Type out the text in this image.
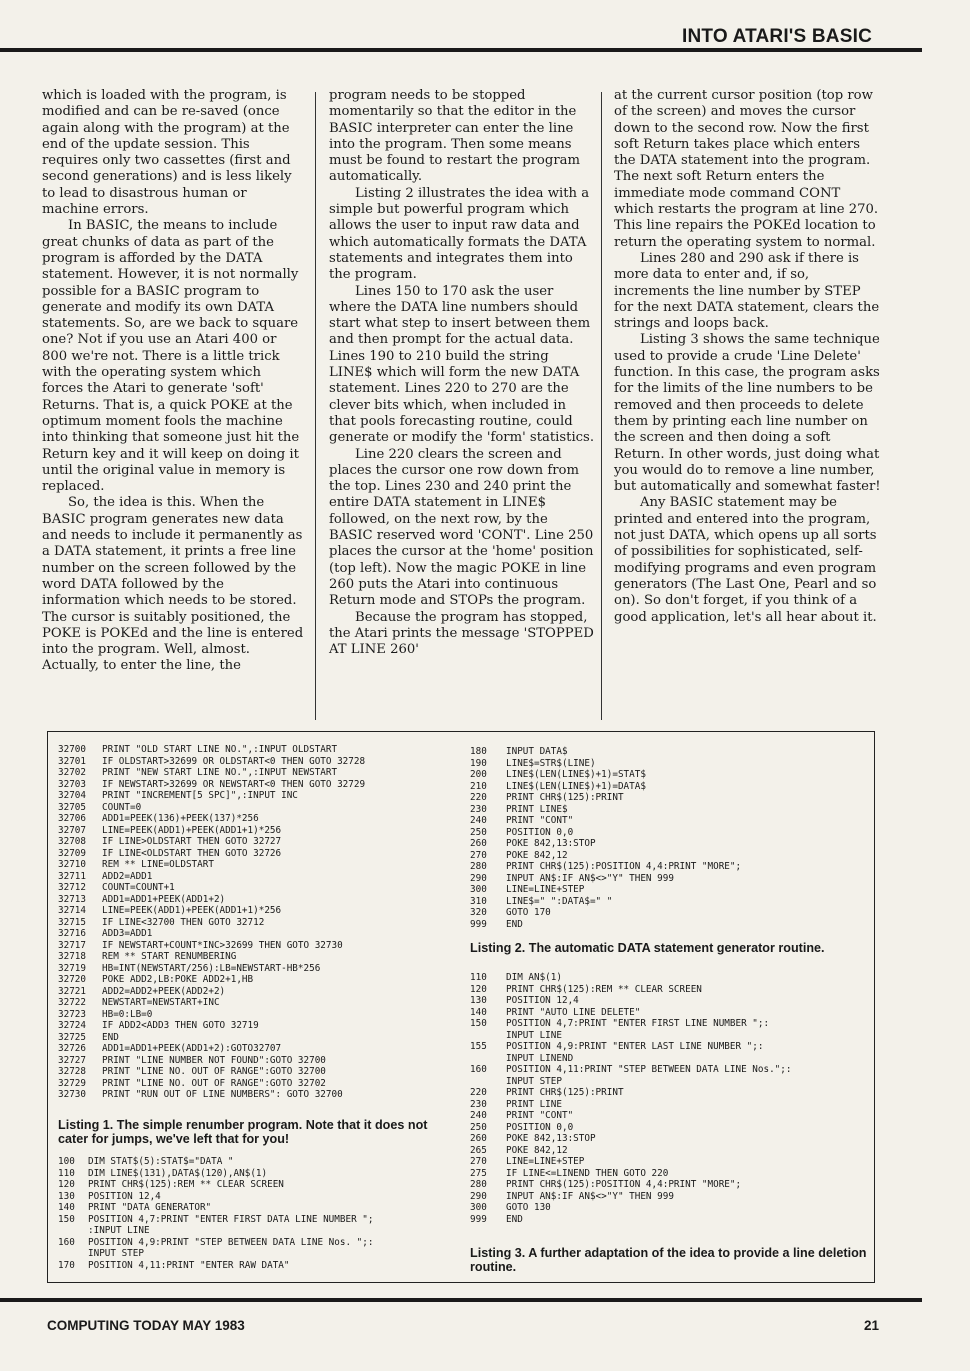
INTO ATARI'S BASIC

which is loaded with the program, is modified and can be re-saved (once again along with the program) at the end of the update session. This requires only two cassettes (first and second generations) and is less likely to lead to disastrous human or machine errors.

In BASIC, the means to include great chunks of data as part of the program is afforded by the DATA statement. However, it is not normally possible for a BASIC program to generate and modify its own DATA statements. So, are we back to square one? Not if you use an Atari 400 or 800 we're not. There is a little trick with the operating system which forces the Atari to generate 'soft' Returns. That is, a quick POKE at the optimum moment fools the machine into thinking that someone just hit the Return key and it will keep on doing it until the original value in memory is replaced.

So, the idea is this. When the BASIC program generates new data and needs to include it permanently as a DATA statement, it prints a free line number on the screen followed by the word DATA followed by the information which needs to be stored. The cursor is suitably positioned, the POKE is POKEd and the line is entered into the program. Well, almost. Actually, to enter the line, the

program needs to be stopped momentarily so that the editor in the BASIC interpreter can enter the line into the program. Then some means must be found to restart the program automatically.

Listing 2 illustrates the idea with a simple but powerful program which allows the user to input raw data and which automatically formats the DATA statements and integrates them into the program.

Lines 150 to 170 ask the user where the DATA line numbers should start what step to insert between them and then prompt for the actual data. Lines 190 to 210 build the string LINE$ which will form the new DATA statement. Lines 220 to 270 are the clever bits which, when included in that pools forecasting routine, could generate or modify the 'form' statistics.

Line 220 clears the screen and places the cursor one row down from the top. Lines 230 and 240 print the entire DATA statement in LINE$ followed, on the next row, by the BASIC reserved word 'CONT'. Line 250 places the cursor at the 'home' position (top left). Now the magic POKE in line 260 puts the Atari into continuous Return mode and STOPs the program.

Because the program has stopped, the Atari prints the message 'STOPPED AT LINE 260'

at the current cursor position (top row of the screen) and moves the cursor down to the second row. Now the first soft Return takes place which enters the DATA statement into the program. The next soft Return enters the immediate mode command CONT which restarts the program at line 270. This line repairs the POKEd location to return the operating system to normal.

Lines 280 and 290 ask if there is more data to enter and, if so, increments the line number by STEP for the next DATA statement, clears the strings and loops back.

Listing 3 shows the same technique used to provide a crude 'Line Delete' function. In this case, the program asks for the limits of the line numbers to be removed and then proceeds to delete them by printing each line number on the screen and then doing a soft Return. In other words, just doing what you would do to remove a line number, but automatically and somewhat faster!

Any BASIC statement may be printed and entered into the program, not just DATA, which opens up all sorts of possibilities for sophisticated, self-modifying programs and even program generators (The Last One, Pearl and so on). So don't forget, if you think of a good application, let's all hear about it.

32700 PRINT "OLD START LINE NO.",:INPUT OLDSTART
32701 IF OLDSTART>32699 OR OLDSTART<0 THEN GOTO 32728
32702 PRINT "NEW START LINE NO.",:INPUT NEWSTART
32703 IF NEWSTART>32699 OR NEWSTART<0 THEN GOTO 32729
32704 PRINT "INCREMENT[5 SPC]",:INPUT INC
32705 COUNT=0
32706 ADD1=PEEK(136)+PEEK(137)*256
32707 LINE=PEEK(ADD1)+PEEK(ADD1+1)*256
32708 IF LINE>OLDSTART THEN GOTO 32727
32709 IF LINE<OLDSTART THEN GOTO 32726
32710 REM ** LINE=OLDSTART
32711 ADD2=ADD1
32712 COUNT=COUNT+1
32713 ADD1=ADD1+PEEK(ADD1+2)
32714 LINE=PEEK(ADD1)+PEEK(ADD1+1)*256
32715 IF LINE<32700 THEN GOTO 32712
32716 ADD3=ADD1
32717 IF NEWSTART+COUNT*INC>32699 THEN GOTO 32730
32718 REM ** START RENUMBERING
32719 HB=INT(NEWSTART/256):LB=NEWSTART-HB*256
32720 POKE ADD2,LB:POKE ADD2+1,HB
32721 ADD2=ADD2+PEEK(ADD2+2)
32722 NEWSTART=NEWSTART+INC
32723 HB=0:LB=0
32724 IF ADD2<ADD3 THEN GOTO 32719
32725 END
32726 ADD1=ADD1+PEEK(ADD1+2):GOTO32707
32727 PRINT "LINE NUMBER NOT FOUND":GOTO 32700
32728 PRINT "LINE NO. OUT OF RANGE":GOTO 32700
32729 PRINT "LINE NO. OUT OF RANGE":GOTO 32702
32730 PRINT "RUN OUT OF LINE NUMBERS": GOTO 32700

Listing 1. The simple renumber program. Note that it does not cater for jumps, we've left that for you!

180 INPUT DATA$
190 LINE$=STR$(LINE)
200 LINE$(LEN(LINE$)+1)=STAT$
210 LINE$(LEN(LINE$)+1)=DATA$
220 PRINT CHR$(125):PRINT
230 PRINT LINE$
240 PRINT "CONT"
250 POSITION 0,0
260 POKE 842,13:STOP
270 POKE 842,12
280 PRINT CHR$(125):POSITION 4,4:PRINT "MORE";
290 INPUT AN$:IF AN$<>"Y" THEN 999
300 LINE=LINE+STEP
310 LINE$=" ":DATA$=" "
320 GOTO 170
999 END

Listing 2. The automatic DATA statement generator routine.

110 DIM AN$(1)
120 PRINT CHR$(125):REM ** CLEAR SCREEN
130 POSITION 12,4
140 PRINT "AUTO LINE DELETE"
150 POSITION 4,7:PRINT "ENTER FIRST LINE NUMBER ";:
INPUT LINE
155 POSITION 4,9:PRINT "ENTER LAST LINE NUMBER ";:
INPUT LINEND
160 POSITION 4,11:PRINT "STEP BETWEEN DATA LINE Nos.";:
INPUT STEP
220 PRINT CHR$(125):PRINT
230 PRINT LINE
240 PRINT "CONT"
250 POSITION 0,0
260 POKE 842,13:STOP
265 POKE 842,12
270 LINE=LINE+STEP
275 IF LINE<=LINEND THEN GOTO 220
280 PRINT CHR$(125):POSITION 4,4:PRINT "MORE";
290 INPUT AN$:IF AN$<>"Y" THEN 999
300 GOTO 130
999 END

Listing 3. A further adaptation of the idea to provide a line deletion routine.

100 DIM STAT$(5):STAT$="DATA "
110 DIM LINE$(131),DATA$(120),AN$(1)
120 PRINT CHR$(125):REM ** CLEAR SCREEN
130 POSITION 12,4
140 PRINT "DATA GENERATOR"
150 POSITION 4,7:PRINT "ENTER FIRST DATA LINE NUMBER ";
:INPUT LINE
160 POSITION 4,9:PRINT "STEP BETWEEN DATA LINE Nos. ";:
INPUT STEP
170 POSITION 4,11:PRINT "ENTER RAW DATA"
COMPUTING TODAY MAY 1983	21
